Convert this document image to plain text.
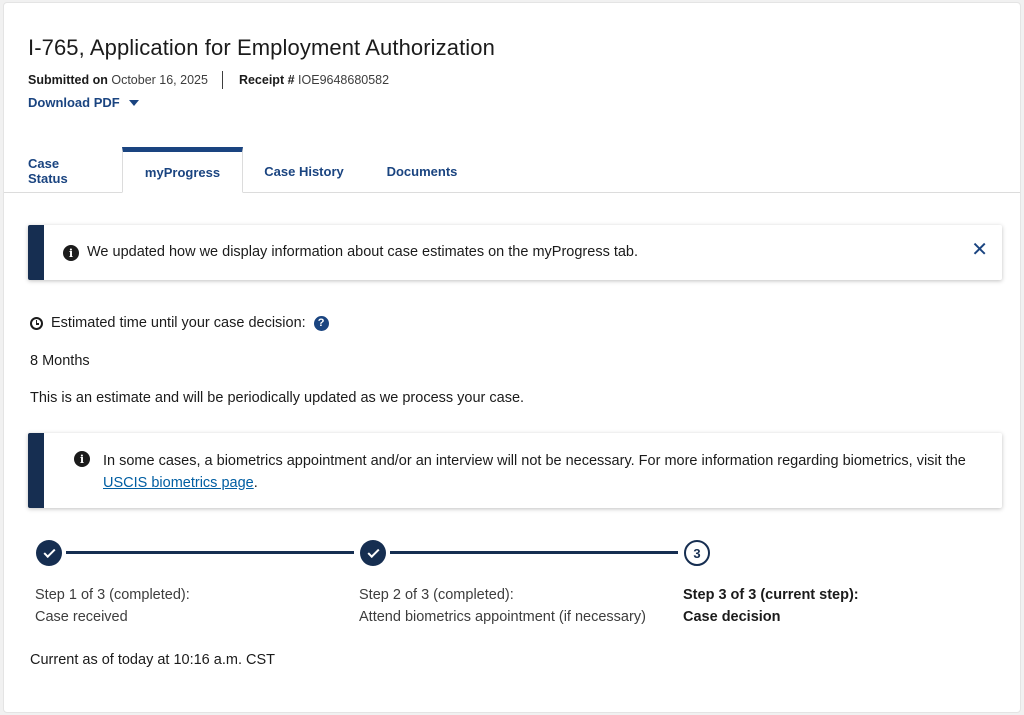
I-765, Application for Employment Authorization
Submitted on
October 16, 2025 Receipt #
IOE9648680582
Download PDF
Case Status	myProgress	Case History	Documents
i We updated how we display information about case estimates on the myProgress tab.	✕
Estimated time until your case decision:	?
8 Months
This is an estimate and will be periodically updated as we process your case.
i	In some cases, a biometrics appointment and/or an interview will not be necessary. For more information regarding biometrics, visit the USCIS biometrics page.
3
Step 1 of 3 (completed):
Case received
Step 2 of 3 (completed):
Attend biometrics appointment (if necessary)
Step 3 of 3 (current step):
Case decision
Current as of today at 10:16 a.m. CST
